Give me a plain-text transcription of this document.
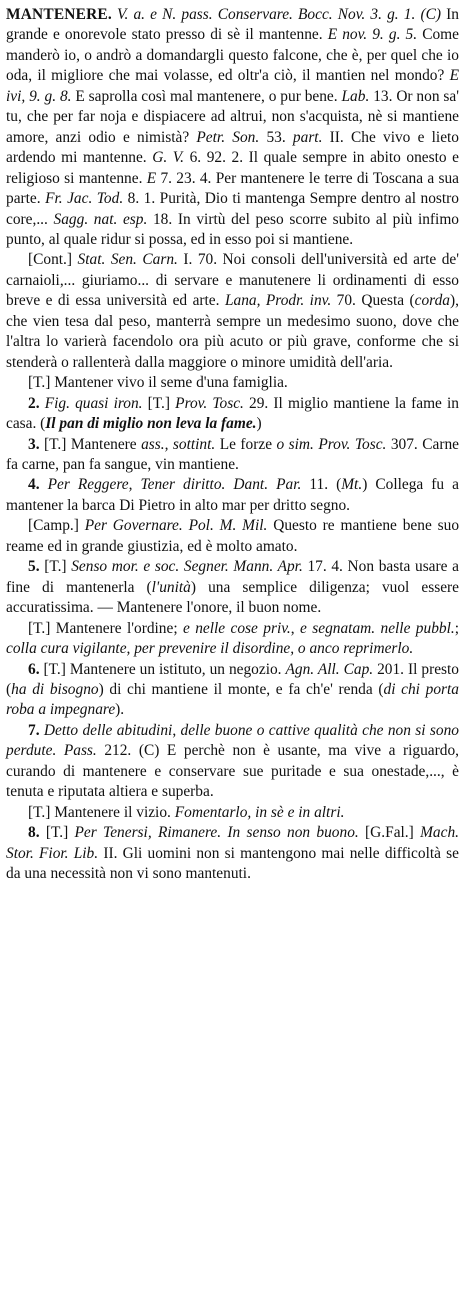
MANTENERE. V. a. e N. pass. Conservare. Bocc. Nov. 3. g. 1. (C) In grande e onorevole stato presso di sè il mantenne. E nov. 9. g. 5. Come manderò io, o andrò a domandargli questo falcone, che è, per quel che io oda, il migliore che mai volasse, ed oltr'a ciò, il mantien nel mondo? E ivi, 9. g. 8. E saprolla così mal mantenere, o pur bene. Lab. 13. Or non sa' tu, che per far noja e dispiacere ad altrui, non s'acquista, nè si mantiene amore, anzi odio e nimistà? Petr. Son. 53. part. II. Che vivo e lieto ardendo mi mantenne. G. V. 6. 92. 2. Il quale sempre in abito onesto e religioso si mantenne. E 7. 23. 4. Per mantenere le terre di Toscana a sua parte. Fr. Jac. Tod. 8. 1. Purità, Dio ti mantenga Sempre dentro al nostro core,... Sagg. nat. esp. 18. In virtù del peso scorre subito al più infimo punto, al quale ridur si possa, ed in esso poi si mantiene.

[Cont.] Stat. Sen. Carn. I. 70. Noi consoli dell'università ed arte de' carnaioli,... giuriamo... di servare e manutenere li ordinamenti di esso breve e di essa università ed arte. Lana, Prodr. inv. 70. Questa (corda), che vien tesa dal peso, manterrà sempre un medesimo suono, dove che l'altra lo varierà facendolo ora più acuto or più grave, conforme che si stenderà o rallenterà dalla maggiore o minore umidità dell'aria.

[T.] Mantener vivo il seme d'una famiglia.

2. Fig. quasi iron. [T.] Prov. Tosc. 29. Il miglio mantiene la fame in casa. (Il pan di miglio non leva la fame.)

3. [T.] Mantenere ass., sottint. Le forze o sim. Prov. Tosc. 307. Carne fa carne, pan fa sangue, vin mantiene.

4. Per Reggere, Tener diritto. Dant. Par. 11. (Mt.) Collega fu a mantener la barca Di Pietro in alto mar per dritto segno.

[Camp.] Per Governare. Pol. M. Mil. Questo re mantiene bene suo reame ed in grande giustizia, ed è molto amato.

5. [T.] Senso mor. e soc. Segner. Mann. Apr. 17. 4. Non basta usare a fine di mantenerla (l'unità) una semplice diligenza; vuol essere accuratissima. — Mantenere l'onore, il buon nome.

[T.] Mantenere l'ordine; e nelle cose priv., e segnatam. nelle pubbl.; colla cura vigilante, per prevenire il disordine, o anco reprimerlo.

6. [T.] Mantenere un istituto, un negozio. Agn. All. Cap. 201. Il presto (ha di bisogno) di chi mantiene il monte, e fa ch'e' renda (di chi porta roba a impegnare).

7. Detto delle abitudini, delle buone o cattive qualità che non si sono perdute. Pass. 212. (C) E perchè non è usante, ma vive a riguardo, curando di mantenere e conservare sue puritade e sua onestade,..., è tenuta e riputata altiera e superba.

[T.] Mantenere il vizio. Fomentarlo, in sè e in altri.

8. [T.] Per Tenersi, Rimanere. In senso non buono. [G.Fal.] Mach. Stor. Fior. Lib. II. Gli uomini non si mantengono mai nelle difficoltà se da una necessità non vi sono mantenuti.
